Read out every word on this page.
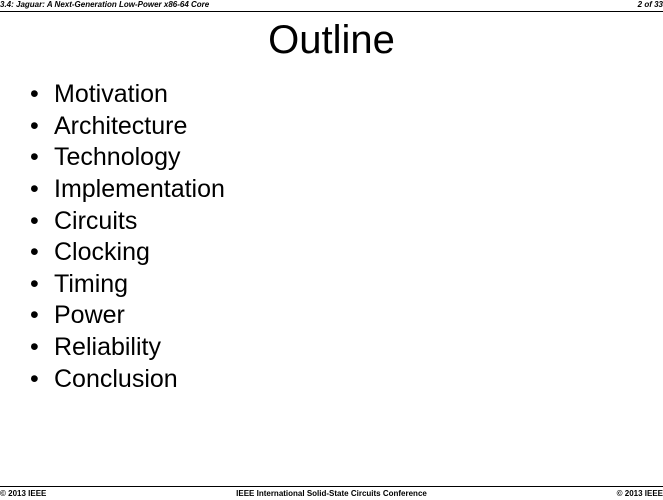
3.4: Jaguar: A Next-Generation Low-Power x86-64 Core	2 of 33
Outline
• Motivation
• Architecture
• Technology
• Implementation
• Circuits
• Clocking
• Timing
• Power
• Reliability
• Conclusion
© 2013 IEEE	IEEE International Solid-State Circuits Conference	© 2013 IEEE
